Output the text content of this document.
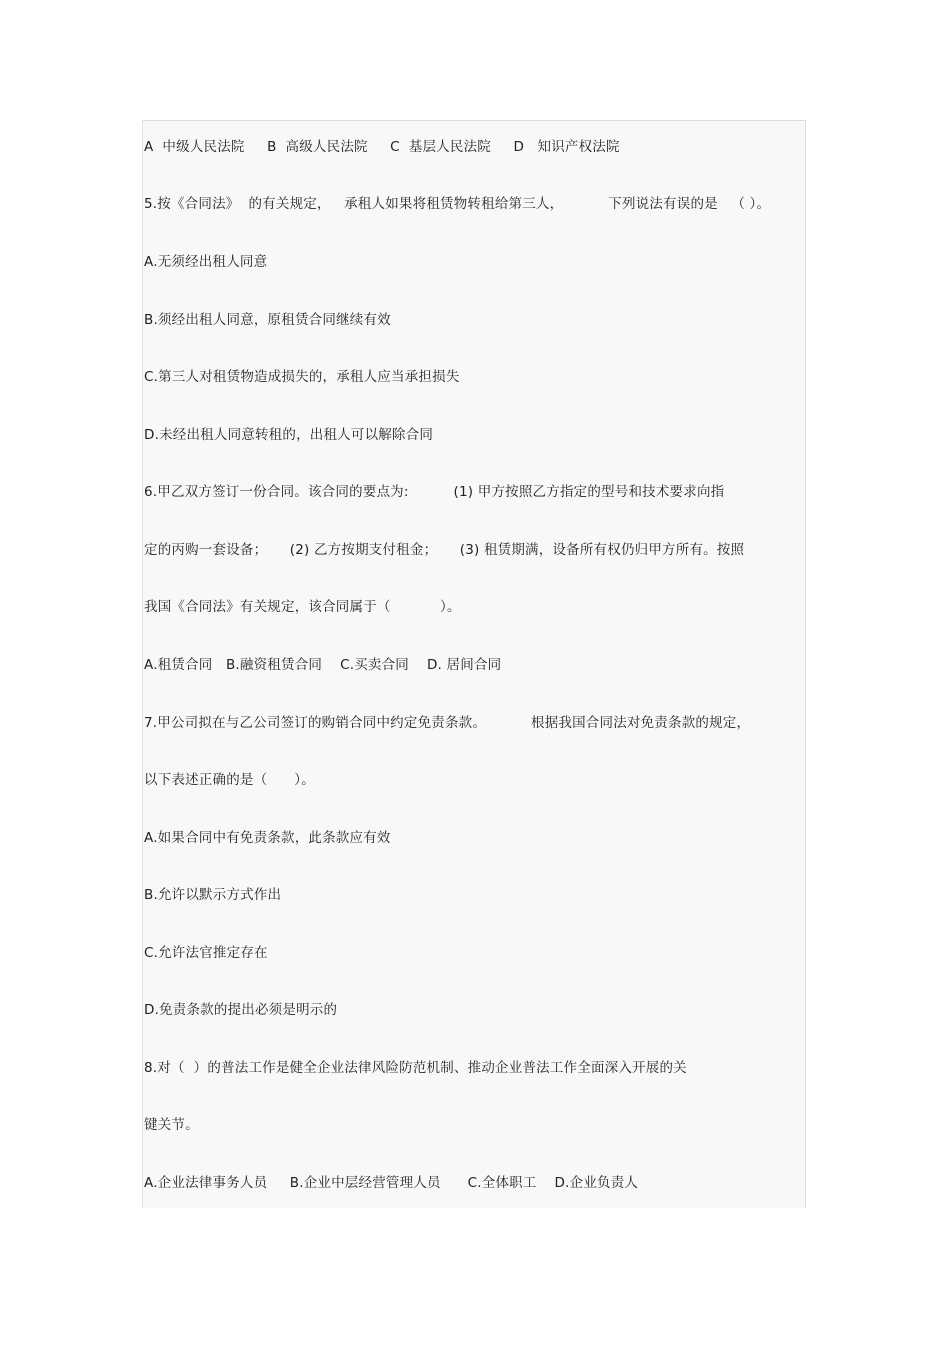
A  中级人民法院     B  高级人民法院     C  基层人民法院     D   知识产权法院
5.按《合同法》  的有关规定，   承租人如果将租赁物转租给第三人，          下列说法有误的是   （ ）。
A.无须经出租人同意
B.须经出租人同意，原租赁合同继续有效
C.第三人对租赁物造成损失的，承租人应当承担损失
D.未经出租人同意转租的，出租人可以解除合同
6.甲乙双方签订一份合同。该合同的要点为:          (1) 甲方按照乙方指定的型号和技术要求向指
定的丙购一套设备；     (2) 乙方按期支付租金；     (3) 租赁期满，设备所有权仍归甲方所有。按照
我国《合同法》有关规定，该合同属于（           ）。
A.租赁合同   B.融资租赁合同    C.买卖合同    D. 居间合同
7.甲公司拟在与乙公司签订的购销合同中约定免责条款。          根据我国合同法对免责条款的规定，
以下表述正确的是（      ）。
A.如果合同中有免责条款，此条款应有效
B.允许以默示方式作出
C.允许法官推定存在
D.免责条款的提出必须是明示的
8.对（  ）的普法工作是健全企业法律风险防范机制、推动企业普法工作全面深入开展的关
键关节。
A.企业法律事务人员     B.企业中层经营管理人员      C.全体职工    D.企业负责人
